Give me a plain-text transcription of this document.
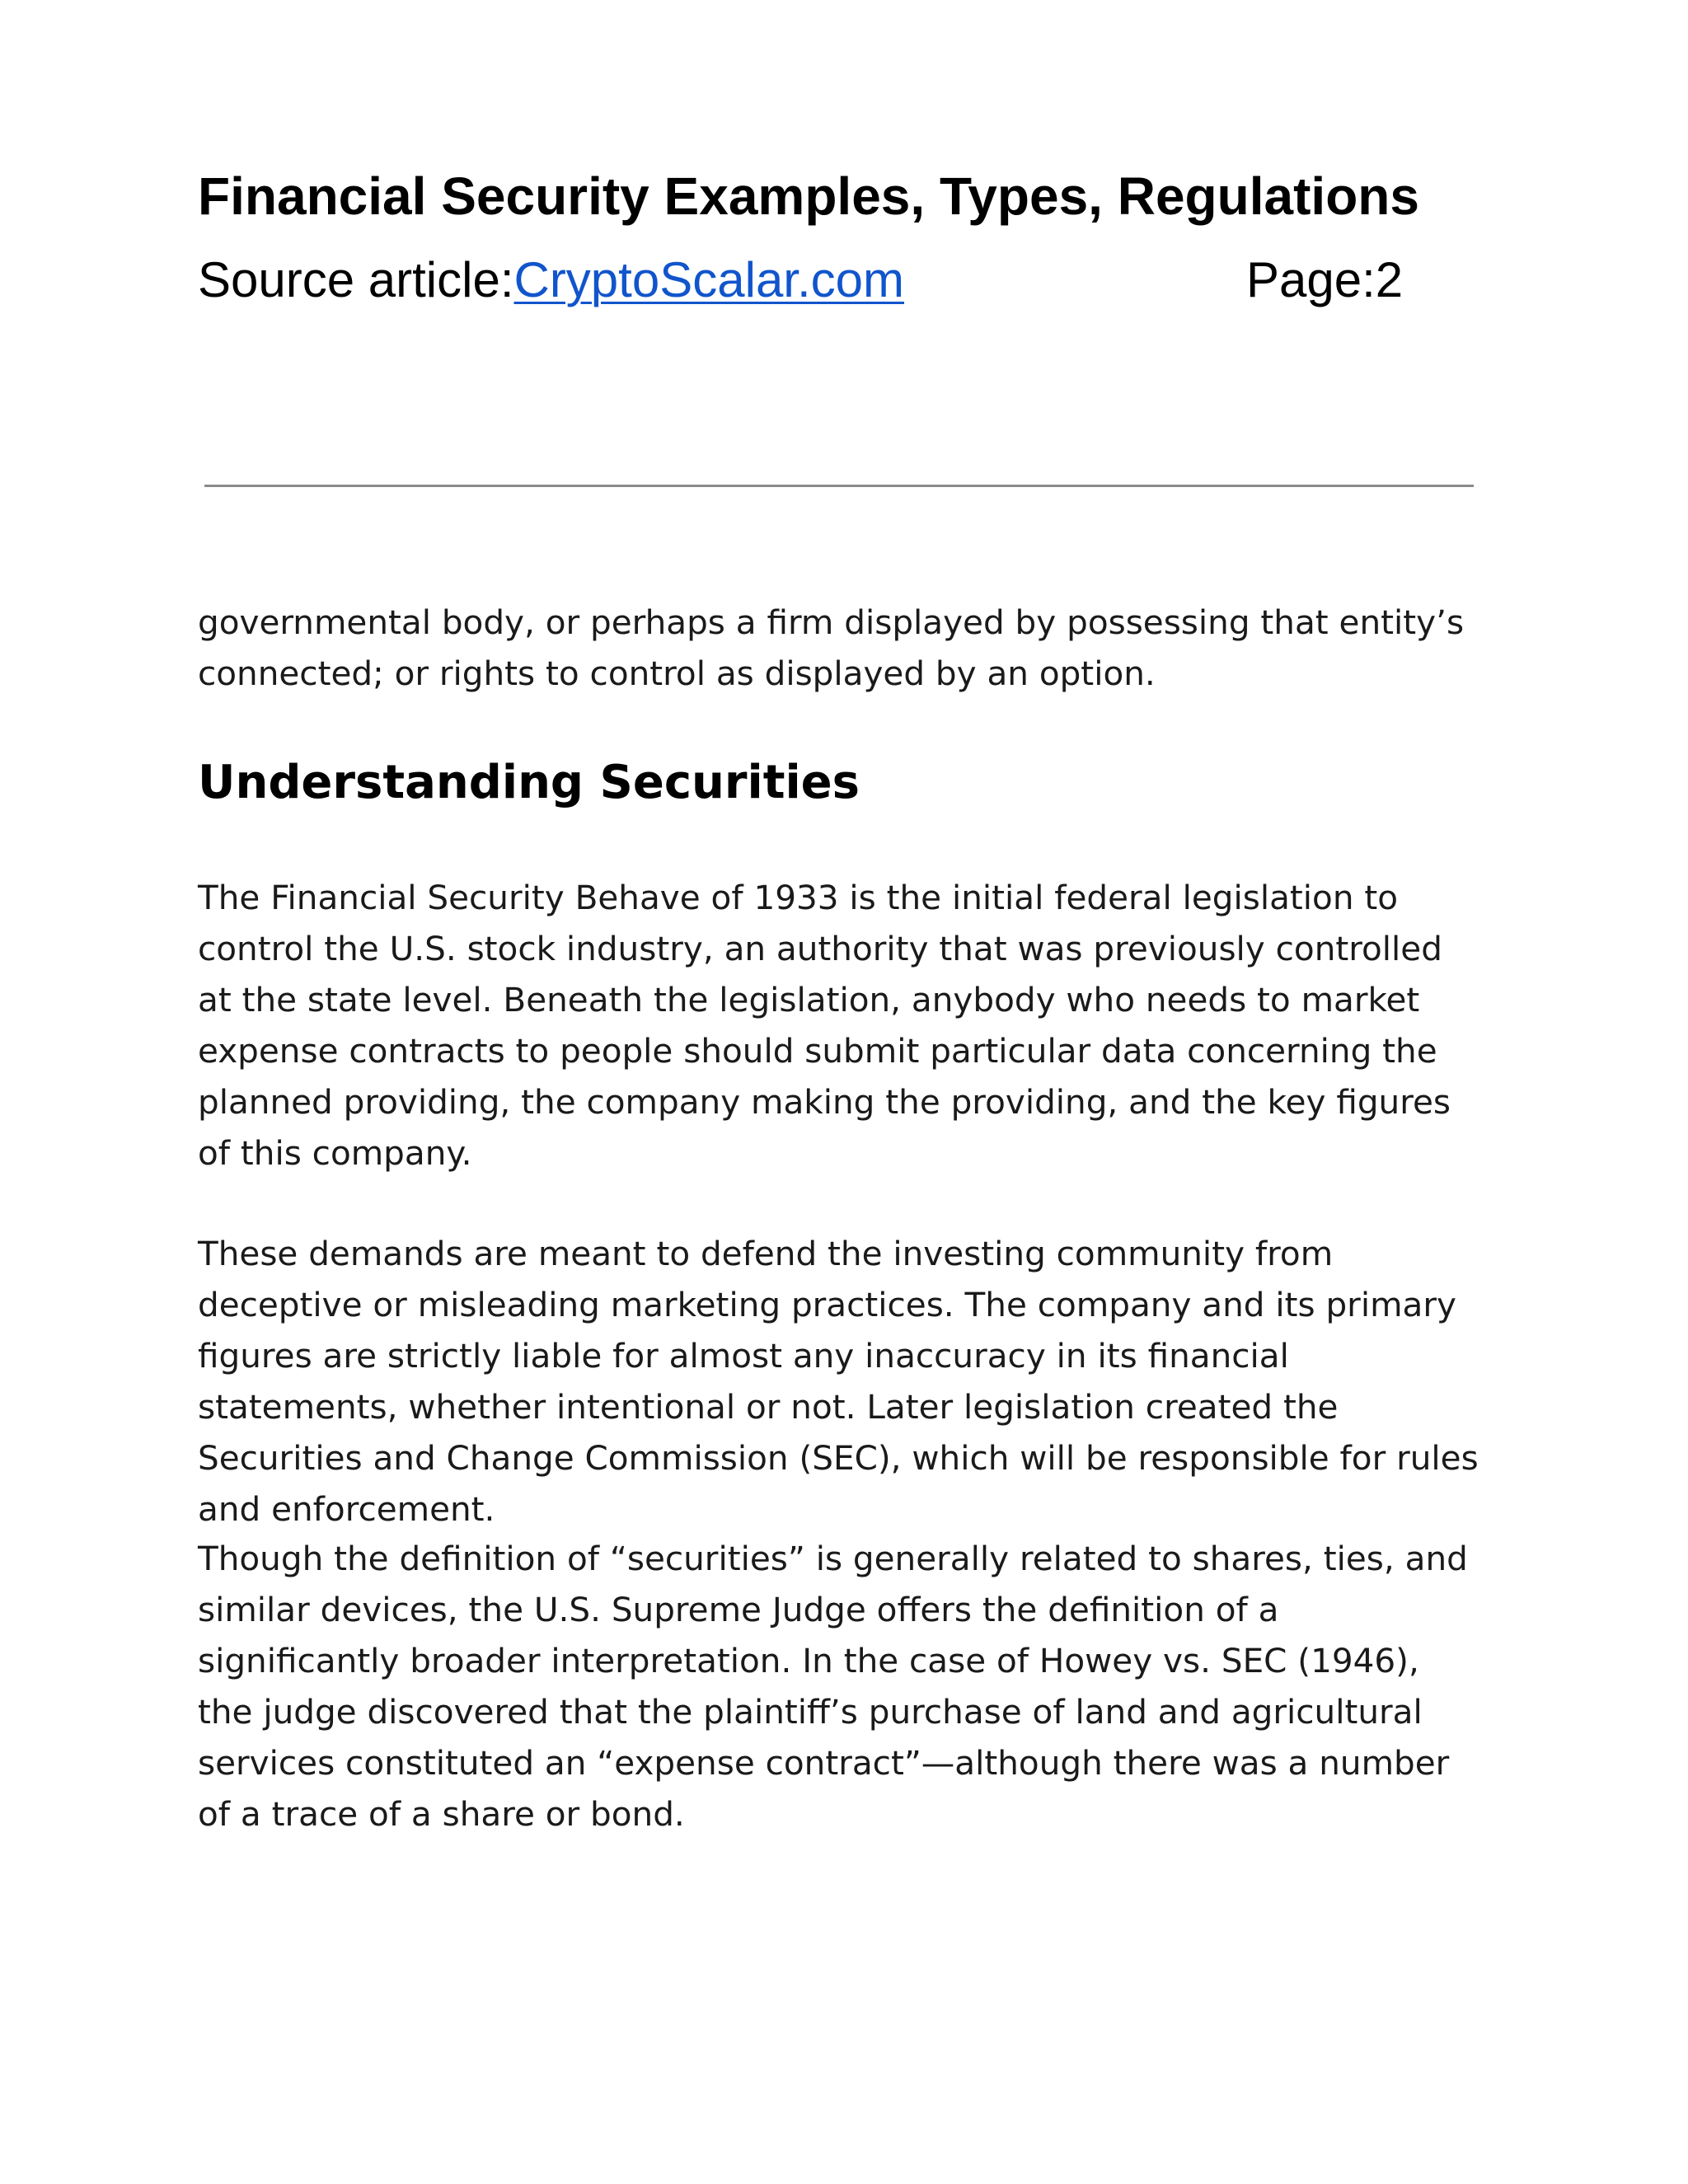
Financial Security Examples, Types, Regulations
Source article:CryptoScalar.com	Page:2

governmental body, or perhaps a firm displayed by possessing that entity’s connected; or rights to control as displayed by an option.

Understanding Securities

The Financial Security Behave of 1933 is the initial federal legislation to control the U.S. stock industry, an authority that was previously controlled at the state level. Beneath the legislation, anybody who needs to market expense contracts to people should submit particular data concerning the planned providing, the company making the providing, and the key figures of this company.

These demands are meant to defend the investing community from deceptive or misleading marketing practices. The company and its primary figures are strictly liable for almost any inaccuracy in its financial statements, whether intentional or not. Later legislation created the Securities and Change Commission (SEC), which will be responsible for rules and enforcement.

Though the definition of “securities” is generally related to shares, ties, and similar devices, the U.S. Supreme Judge offers the definition of a significantly broader interpretation. In the case of Howey vs. SEC (1946), the judge discovered that the plaintiff’s purchase of land and agricultural services constituted an “expense contract”—although there was a number of a trace of a share or bond.
